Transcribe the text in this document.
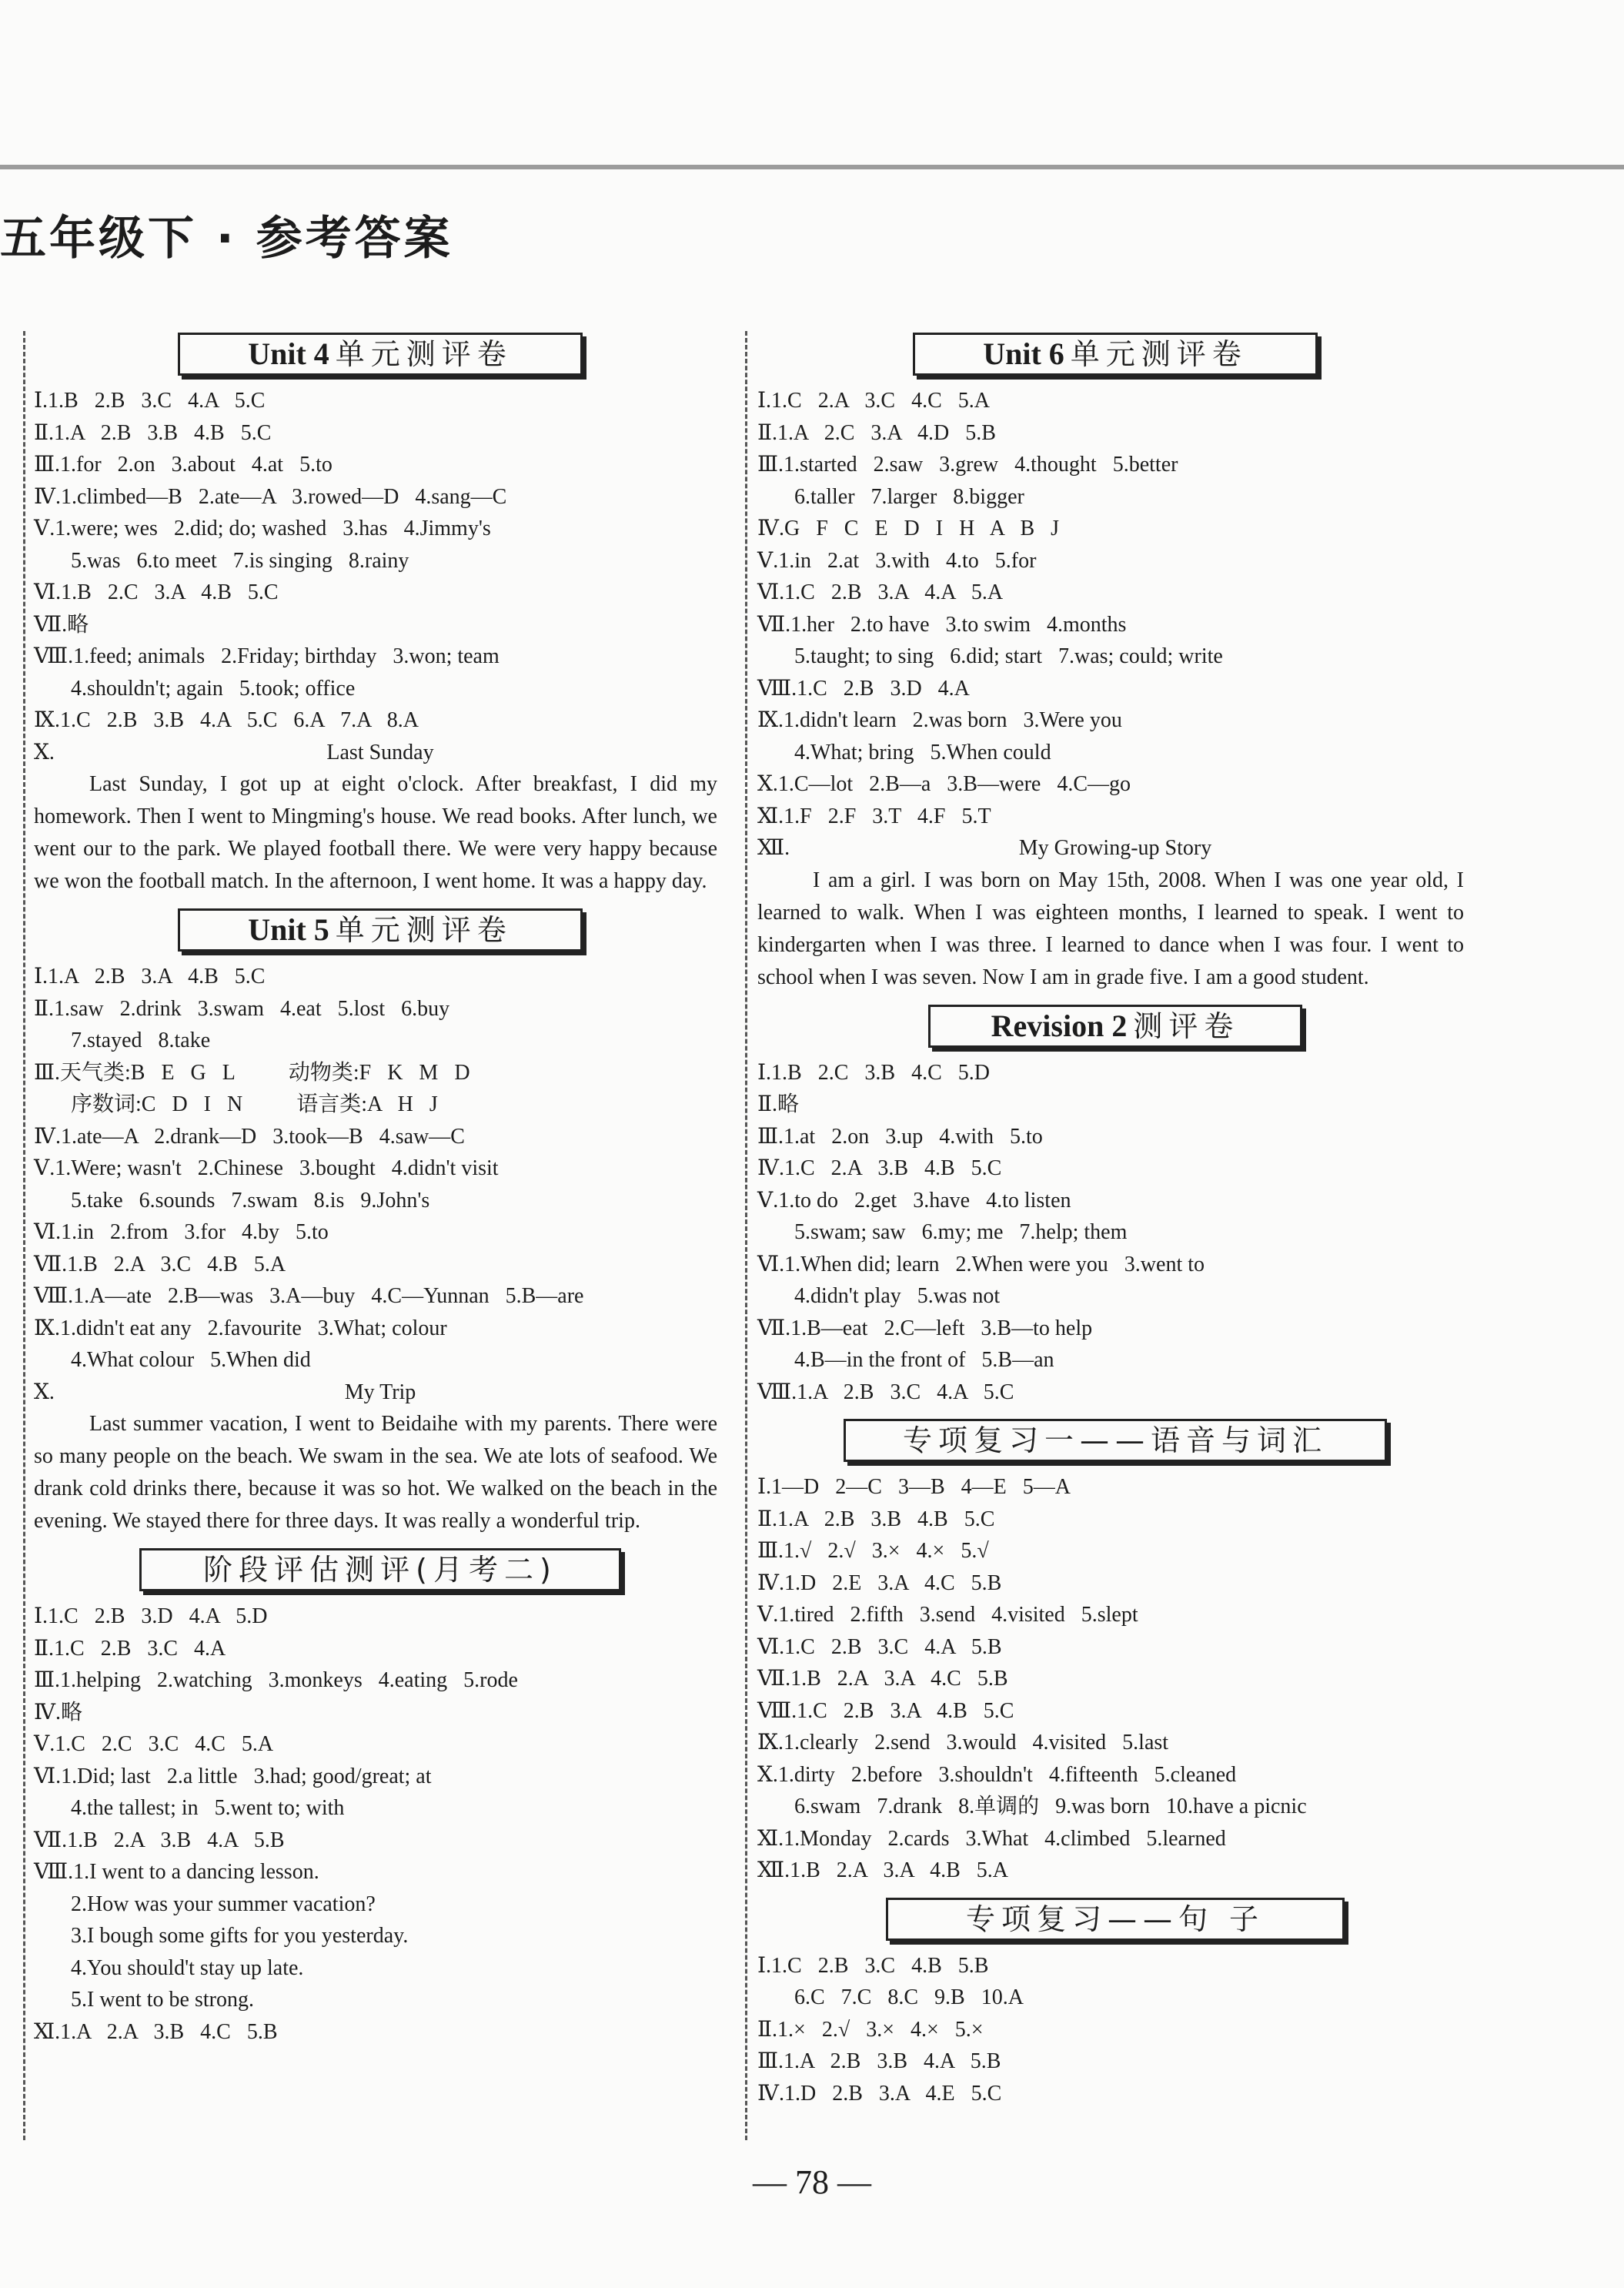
五年级下 · 参考答案
Unit 4 单元测评卷
Ⅰ.1.B   2.B   3.C   4.A   5.C
Ⅱ.1.A   2.B   3.B   4.B   5.C
Ⅲ.1.for   2.on   3.about   4.at   5.to
Ⅳ.1.climbed—B   2.ate—A   3.rowed—D   4.sang—C
Ⅴ.1.were; wes   2.did; do; washed   3.has   4.Jimmy's
5.was   6.to meet   7.is singing   8.rainy
Ⅵ.1.B   2.C   3.A   4.B   5.C
Ⅶ.略
Ⅷ.1.feed; animals   2.Friday; birthday   3.won; team
4.shouldn't; again   5.took; office
Ⅸ.1.C   2.B   3.B   4.A   5.C   6.A   7.A   8.A
Ⅹ.	Last Sunday
Last Sunday, I got up at eight o'clock. After breakfast, I did my homework. Then I went to Mingming's house. We read books. After lunch, we went our to the park. We played football there. We were very happy because we won the football match. In the afternoon, I went home. It was a happy day.
Unit 5 单元测评卷
Ⅰ.1.A   2.B   3.A   4.B   5.C
Ⅱ.1.saw   2.drink   3.swam   4.eat   5.lost   6.buy
7.stayed   8.take
Ⅲ.天气类:B   E   G   L          动物类:F   K   M   D
序数词:C   D   I   N          语言类:A   H   J
Ⅳ.1.ate—A   2.drank—D   3.took—B   4.saw—C
Ⅴ.1.Were; wasn't   2.Chinese   3.bought   4.didn't visit
5.take   6.sounds   7.swam   8.is   9.John's
Ⅵ.1.in   2.from   3.for   4.by   5.to
Ⅶ.1.B   2.A   3.C   4.B   5.A
Ⅷ.1.A—ate   2.B—was   3.A—buy   4.C—Yunnan   5.B—are
Ⅸ.1.didn't eat any   2.favourite   3.What; colour
4.What colour   5.When did
Ⅹ.	My Trip
Last summer vacation, I went to Beidaihe with my parents. There were so many people on the beach. We swam in the sea. We ate lots of seafood. We drank cold drinks there, because it was so hot. We walked on the beach in the evening. We stayed there for three days. It was really a wonderful trip.
阶段评估测评(月考二)
Ⅰ.1.C   2.B   3.D   4.A   5.D
Ⅱ.1.C   2.B   3.C   4.A
Ⅲ.1.helping   2.watching   3.monkeys   4.eating   5.rode
Ⅳ.略
Ⅴ.1.C   2.C   3.C   4.C   5.A
Ⅵ.1.Did; last   2.a little   3.had; good/great; at
4.the tallest; in   5.went to; with
Ⅶ.1.B   2.A   3.B   4.A   5.B
Ⅷ.1.I went to a dancing lesson.
2.How was your summer vacation?
3.I bough some gifts for you yesterday.
4.You should't stay up late.
5.I went to be strong.
Ⅺ.1.A   2.A   3.B   4.C   5.B
Unit 6 单元测评卷
Ⅰ.1.C   2.A   3.C   4.C   5.A
Ⅱ.1.A   2.C   3.A   4.D   5.B
Ⅲ.1.started   2.saw   3.grew   4.thought   5.better
6.taller   7.larger   8.bigger
Ⅳ.G   F   C   E   D   I   H   A   B   J
Ⅴ.1.in   2.at   3.with   4.to   5.for
Ⅵ.1.C   2.B   3.A   4.A   5.A
Ⅶ.1.her   2.to have   3.to swim   4.months
5.taught; to sing   6.did; start   7.was; could; write
Ⅷ.1.C   2.B   3.D   4.A
Ⅸ.1.didn't learn   2.was born   3.Were you
4.What; bring   5.When could
Ⅹ.1.C—lot   2.B—a   3.B—were   4.C—go
Ⅺ.1.F   2.F   3.T   4.F   5.T
Ⅻ.	My Growing-up Story
I am a girl. I was born on May 15th, 2008. When I was one year old, I learned to walk. When I was eighteen months, I learned to speak. I went to kindergarten when I was three. I learned to dance when I was four. I went to school when I was seven. Now I am in grade five. I am a good student.
Revision 2 测评卷
Ⅰ.1.B   2.C   3.B   4.C   5.D
Ⅱ.略
Ⅲ.1.at   2.on   3.up   4.with   5.to
Ⅳ.1.C   2.A   3.B   4.B   5.C
Ⅴ.1.to do   2.get   3.have   4.to listen
5.swam; saw   6.my; me   7.help; them
Ⅵ.1.When did; learn   2.When were you   3.went to
4.didn't play   5.was not
Ⅶ.1.B—eat   2.C—left   3.B—to help
4.B—in the front of   5.B—an
Ⅷ.1.A   2.B   3.C   4.A   5.C
专项复习一——语音与词汇
Ⅰ.1—D   2—C   3—B   4—E   5—A
Ⅱ.1.A   2.B   3.B   4.B   5.C
Ⅲ.1.√   2.√   3.×   4.×   5.√
Ⅳ.1.D   2.E   3.A   4.C   5.B
Ⅴ.1.tired   2.fifth   3.send   4.visited   5.slept
Ⅵ.1.C   2.B   3.C   4.A   5.B
Ⅶ.1.B   2.A   3.A   4.C   5.B
Ⅷ.1.C   2.B   3.A   4.B   5.C
Ⅸ.1.clearly   2.send   3.would   4.visited   5.last
Ⅹ.1.dirty   2.before   3.shouldn't   4.fifteenth   5.cleaned
6.swam   7.drank   8.单调的   9.was born   10.have a picnic
Ⅺ.1.Monday   2.cards   3.What   4.climbed   5.learned
Ⅻ.1.B   2.A   3.A   4.B   5.A
专项复习——句 子
Ⅰ.1.C   2.B   3.C   4.B   5.B
6.C   7.C   8.C   9.B   10.A
Ⅱ.1.×   2.√   3.×   4.×   5.×
Ⅲ.1.A   2.B   3.B   4.A   5.B
Ⅳ.1.D   2.B   3.A   4.E   5.C
— 78 —
